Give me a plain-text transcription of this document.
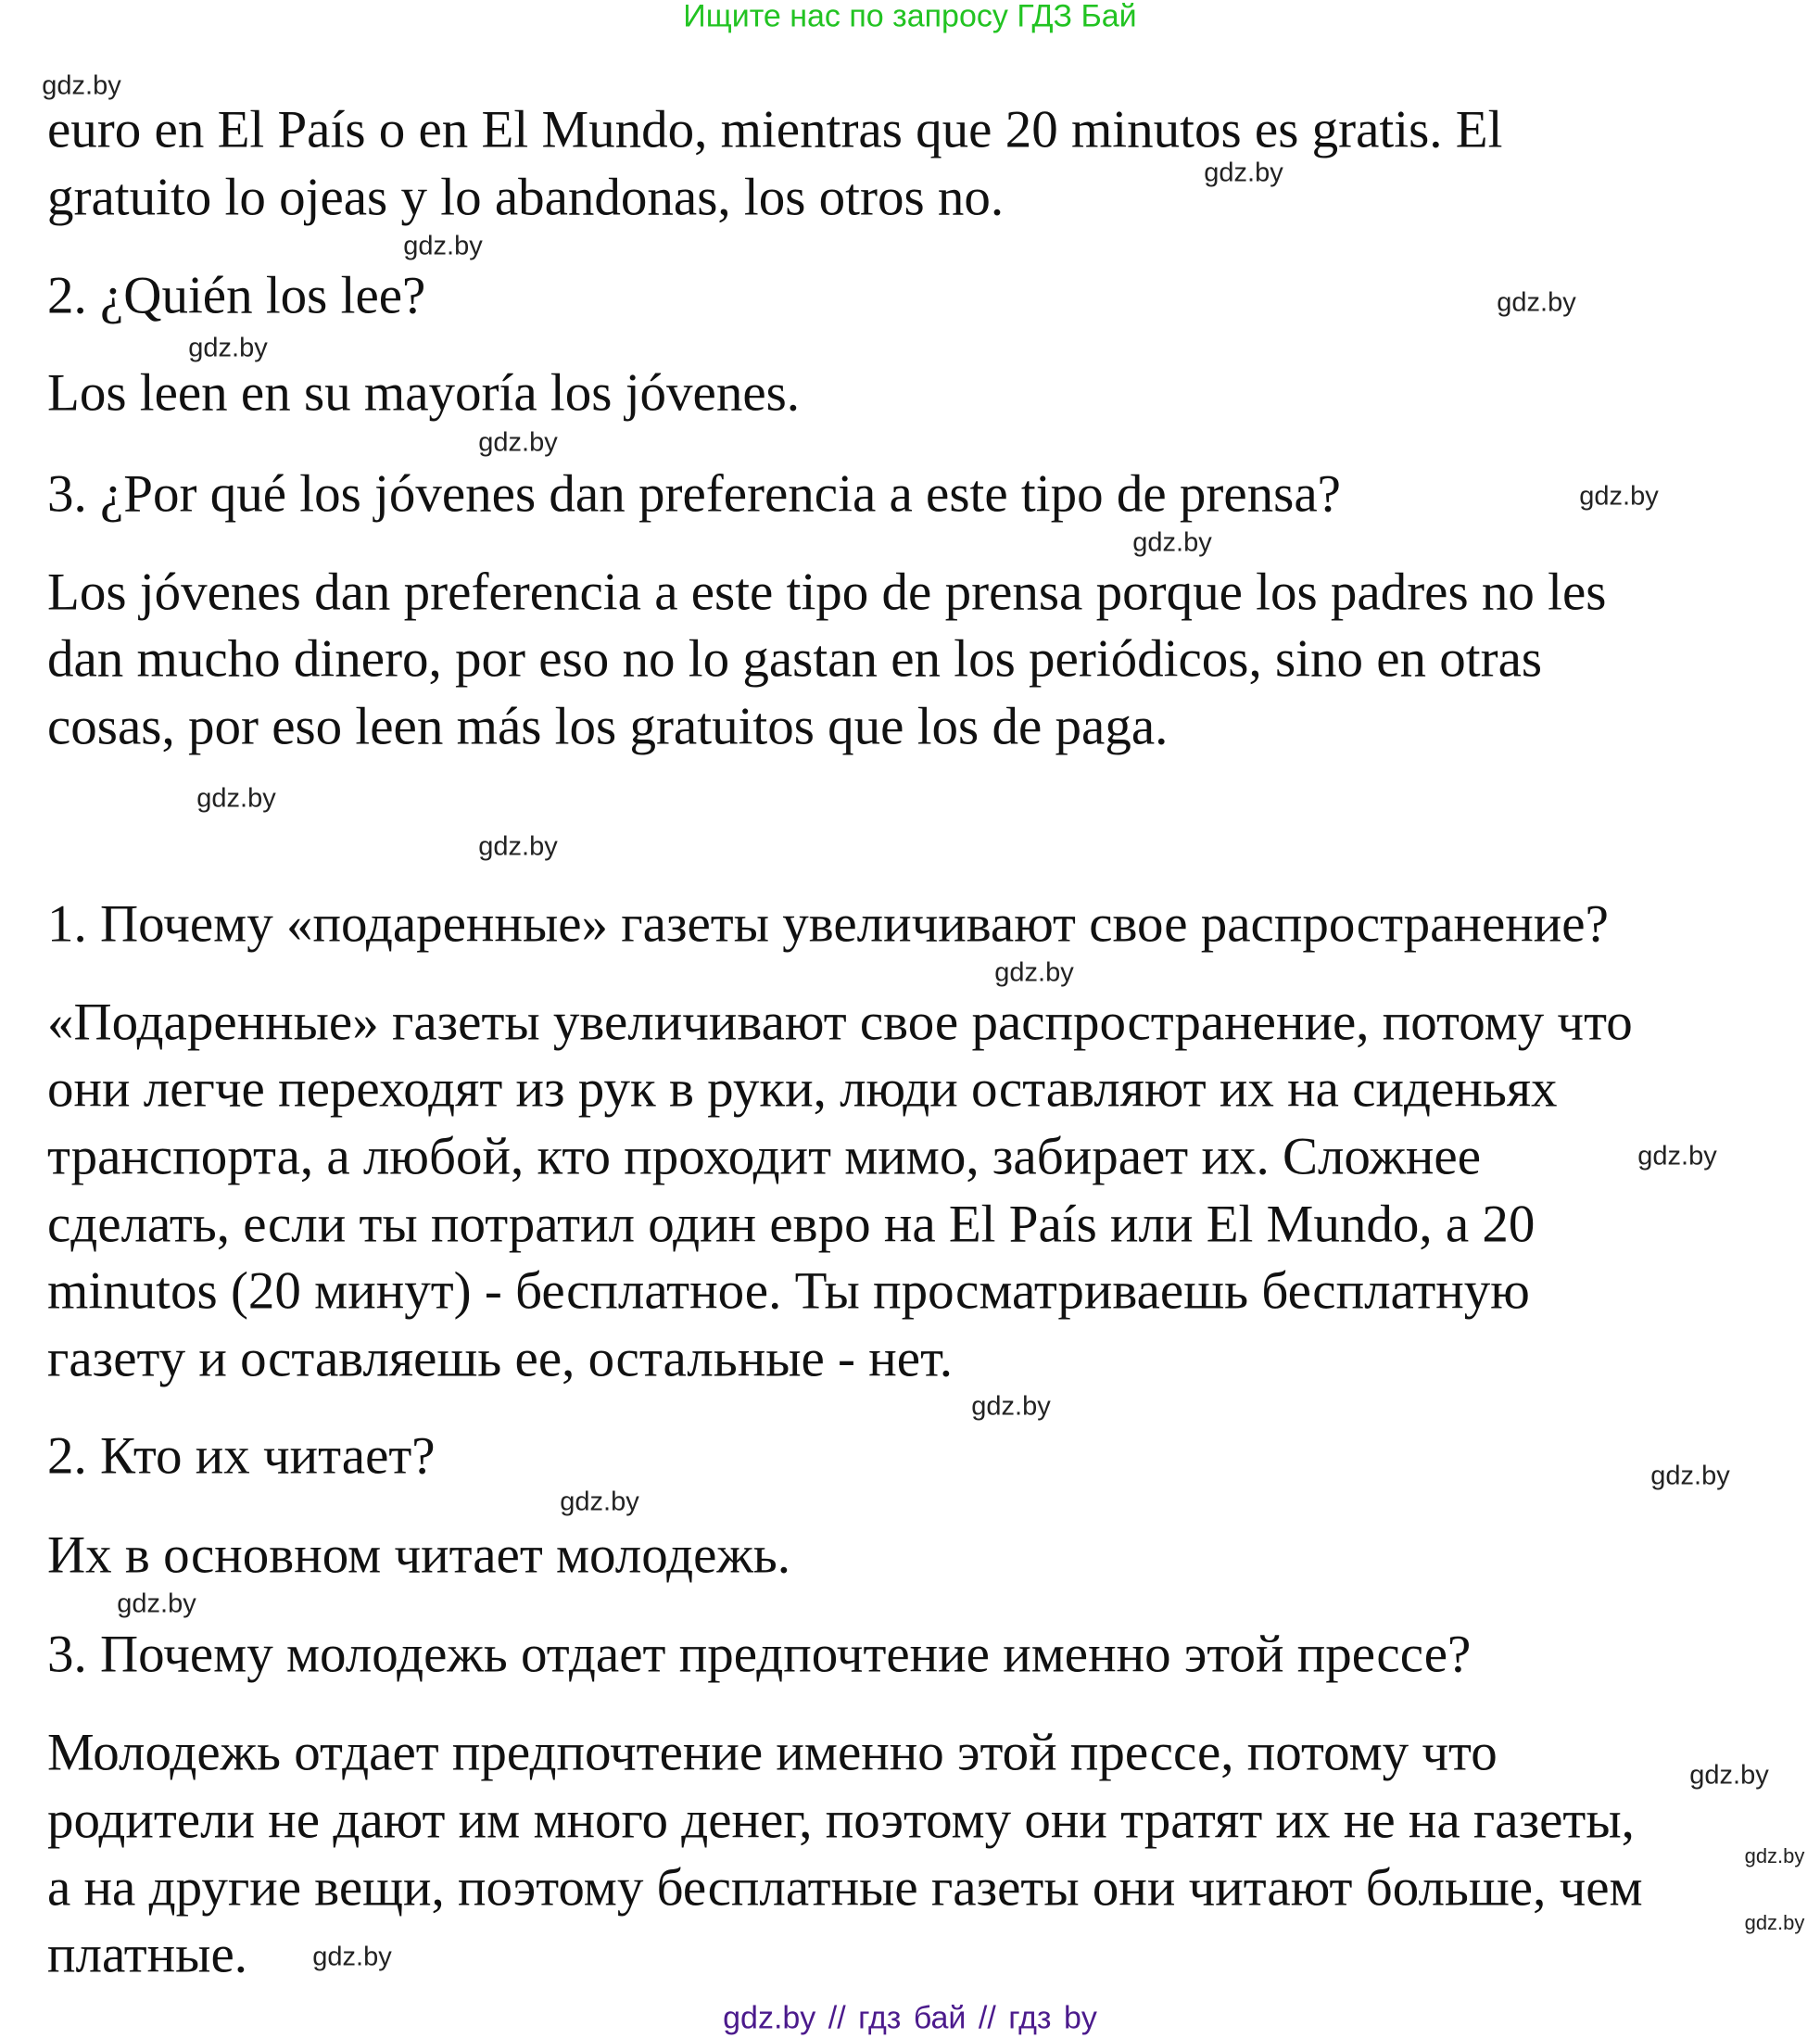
Ищите нас по запросу ГДЗ Бай
euro en El País o en El Mundo, mientras que 20 minutos es gratis. El
gratuito lo ojeas y lo abandonas, los otros no.
2. ¿Quién los lee?
Los leen en su mayoría los jóvenes.
3. ¿Por qué los jóvenes dan preferencia a este tipo de prensa?
Los jóvenes dan preferencia a este tipo de prensa porque los padres no les
dan mucho dinero, por eso no lo gastan en los periódicos, sino en otras
cosas, por eso leen más los gratuitos que los de paga.
1. Почему «подаренные» газеты увеличивают свое распространение?
«Подаренные» газеты увеличивают свое распространение, потому что
они легче переходят из рук в руки, люди оставляют их на сиденьях
транспорта, а любой, кто проходит мимо, забирает их. Сложнее
сделать, если ты потратил один евро на El País или El Mundo, а 20
minutos (20 минут) - бесплатное. Ты просматриваешь бесплатную
газету и оставляешь ее, остальные - нет.
2. Кто их читает?
Их в основном читает молодежь.
3. Почему молодежь отдает предпочтение именно этой прессе?
Молодежь отдает предпочтение именно этой прессе, потому что
родители не дают им много денег, поэтому они тратят их не на газеты,
а на другие вещи, поэтому бесплатные газеты они читают больше, чем
платные.
gdz.by
gdz.by
gdz.by
gdz.by
gdz.by
gdz.by
gdz.by
gdz.by
gdz.by
gdz.by
gdz.by
gdz.by
gdz.by
gdz.by
gdz.by
gdz.by
gdz.by
gdz.by
gdz.by
gdz.by
gdz.by // гдз бай // гдз by
